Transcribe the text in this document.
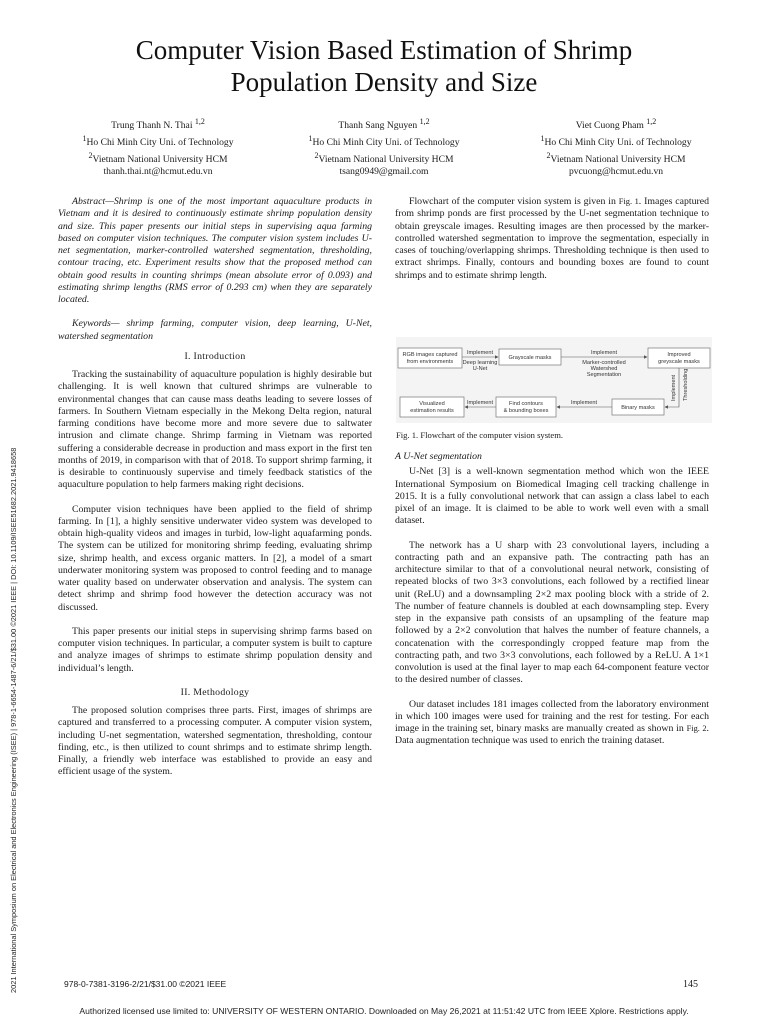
2021 International Symposium on Electrical and Electronics Engineering (ISEE) | 978-1-6654-1487-6/21/$31.00 ©2021 IEEE | DOI: 10.1109/ISEE51682.2021.9418658
Computer Vision Based Estimation of Shrimp
Population Density and Size
Trung Thanh N. Thai $^{1,2}$
$^1$Ho Chi Minh City Uni. of Technology
$^2$Vietnam National University HCM
thanh.thai.nt@hcmut.edu.vn
Thanh Sang Nguyen $^{1,2}$
$^1$Ho Chi Minh City Uni. of Technology
$^2$Vietnam National University HCM
tsang0949@gmail.com
Viet Cuong Pham $^{1,2}$
$^1$Ho Chi Minh City Uni. of Technology
$^2$Vietnam National University HCM
pvcuong@hcmut.edu.vn

Abstract—Shrimp is one of the most important aquaculture products in Vietnam and it is desired to continuously estimate shrimp population density and size. This paper presents our initial steps in supervising aqua farming based on computer vision techniques. The computer vision system includes U-net segmentation, marker-controlled watershed segmentation, thresholding, contour tracing, etc. Experiment results show that the proposed method can obtain good results in counting shrimps (mean absolute error of 0.093) and estimating shrimp lengths (RMS error of 0.293 cm) when they are separately located.

Keywords— shrimp farming, computer vision, deep learning, U-Net, watershed segmentation

I. Introduction

Tracking the sustainability of aquaculture population is highly desirable but challenging. It is well known that cultured shrimps are vulnerable to environmental changes that can cause mass deaths leading to severe losses of farmers. In Southern Vietnam especially in the Mekong Delta region, natural farming conditions have become more and more severe due to saltwater intrusion and climate change. Shrimp farming in Vietnam was reported suffering a considerable decrease in production and mass export in the first ten months of 2019, in comparison with that of 2018. To support shrimp farming, it is desirable to continuously supervise and timely feedback statistics of the aquaculture population to help farmers making right decisions.

Computer vision techniques have been applied to the field of shrimp farming. In [1], a highly sensitive underwater video system was developed to obtain high-quality videos and images in turbid, low-light aquafarming ponds. The system can be utilized for monitoring shrimp feeding, evaluating shrimp size, shrimp health, and excess organic matters. In [2], a model of a smart underwater monitoring system was proposed to control feeding and to manage water quality based on underwater observation and analysis. The system can detect shrimp and shrimp food however the detection accuracy was not discussed.

This paper presents our initial steps in supervising shrimp farms based on computer vision techniques. In particular, a computer system is built to capture and analyze images of shrimps to estimate shrimp population density and individual’s length.

II. Methodology

The proposed solution comprises three parts. First, images of shrimps are captured and transferred to a processing computer. A computer vision system, including U-net segmentation, watershed segmentation, thresholding, contour finding, etc., is then utilized to count shrimps and to estimate shrimp length. Finally, a friendly web interface was established to provide an easy and efficient usage of the system.

Flowchart of the computer vision system is given in Fig. 1. Images captured from shrimp ponds are first processed by the U-net segmentation technique to obtain greyscale images. Resulting images are then processed by the marker-controlled watershed segmentation to improve the segmentation, especially in cases of touching/overlapping shrimps. Thresholding technique is then used to extract shrimps. Finally, contours and bounding boxes are found to count shrimps and to estimate shrimp length.

RGB images captured
from environments
Grayscale masks	Improved
greyscale masks
Binary masks
Find contours
& bounding boxes
Visualized
estimation results
Implement
Deep learning
U-Net
Implement
Marker-controlled
Watershed
Segmentation	Implement Thresholding
Implement
Implement
Fig. 1. Flowchart of the computer vision system.

A U-Net segmentation

U-Net [3] is a well-known segmentation method which won the IEEE International Symposium on Biomedical Imaging cell tracking challenge in 2015. It is a fully convolutional network that can assign a class label to each pixel of an image. It is claimed to be able to work well even with a small dataset.

The network has a U sharp with 23 convolutional layers, including a contracting path and an expansive path. The contracting path has an architecture similar to that of a convolutional neural network, consisting of repeated blocks of two 3×3 convolutions, each followed by a rectified linear unit (ReLU) and a downsampling 2×2 max pooling block with a stride of 2. The number of feature channels is doubled at each downsampling step. Every step in the expansive path consists of an upsampling of the feature map followed by a 2×2 convolution that halves the number of feature channels, a concatenation with the correspondingly cropped feature map from the contracting path, and two 3×3 convolutions, each followed by a ReLU. A 1×1 convolution is used at the final layer to map each 64-component feature vector to the desired number of classes.

Our dataset includes 181 images collected from the laboratory environment in which 100 images were used for training and the rest for testing. For each image in the training set, binary masks are manually created as shown in Fig. 2. Data augmentation technique was used to enrich the training dataset.

978-0-7381-3196-2/21/$31.00 ©2021 IEEE	145
Authorized licensed use limited to: UNIVERSITY OF WESTERN ONTARIO. Downloaded on May 26,2021 at 11:51:42 UTC from IEEE Xplore. Restrictions apply.
